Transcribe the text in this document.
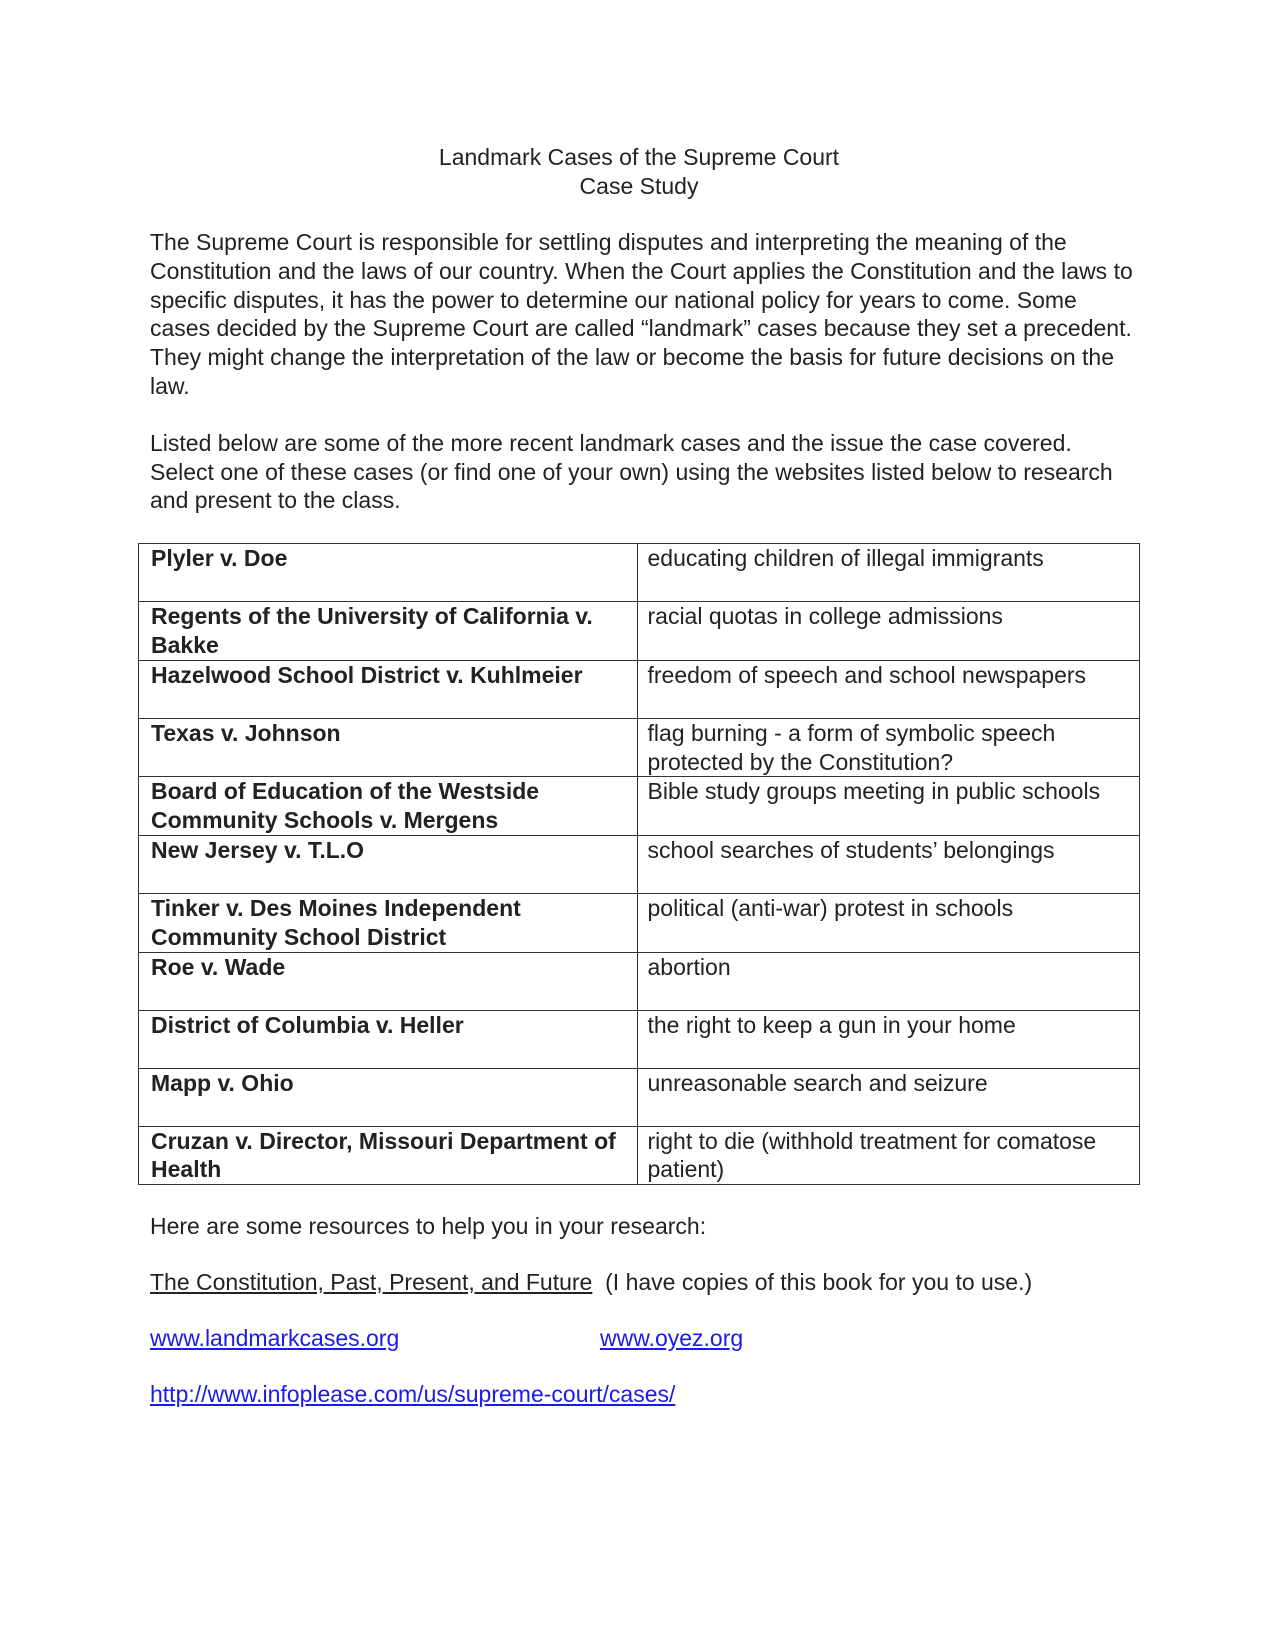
Landmark Cases of the Supreme Court
Case Study

The Supreme Court is responsible for settling disputes and interpreting the meaning of the Constitution and the laws of our country. When the Court applies the Constitution and the laws to specific disputes, it has the power to determine our national policy for years to come. Some cases decided by the Supreme Court are called “landmark” cases because they set a precedent. They might change the interpretation of the law or become the basis for future decisions on the law.

Listed below are some of the more recent landmark cases and the issue the case covered. Select one of these cases (or find one of your own) using the websites listed below to research and present to the class.

Plyler v. Doe	educating children of illegal immigrants
Regents of the University of California v. Bakke	racial quotas in college admissions
Hazelwood School District v. Kuhlmeier	freedom of speech and school newspapers
Texas v. Johnson	flag burning - a form of symbolic speech protected by the Constitution?
Board of Education of the Westside Community Schools v. Mergens	Bible study groups meeting in public schools
New Jersey v. T.L.O	school searches of students’ belongings
Tinker v. Des Moines Independent Community School District	political (anti-war) protest in schools
Roe v. Wade	abortion
District of Columbia v. Heller	the right to keep a gun in your home
Mapp v. Ohio	unreasonable search and seizure
Cruzan v. Director, Missouri Department of Health	right to die (withhold treatment for comatose patient)
Here are some resources to help you in your research:
The Constitution, Past, Present, and Future  (I have copies of this book for you to use.)
www.landmarkcases.org	www.oyez.org
http://www.infoplease.com/us/supreme-court/cases/
